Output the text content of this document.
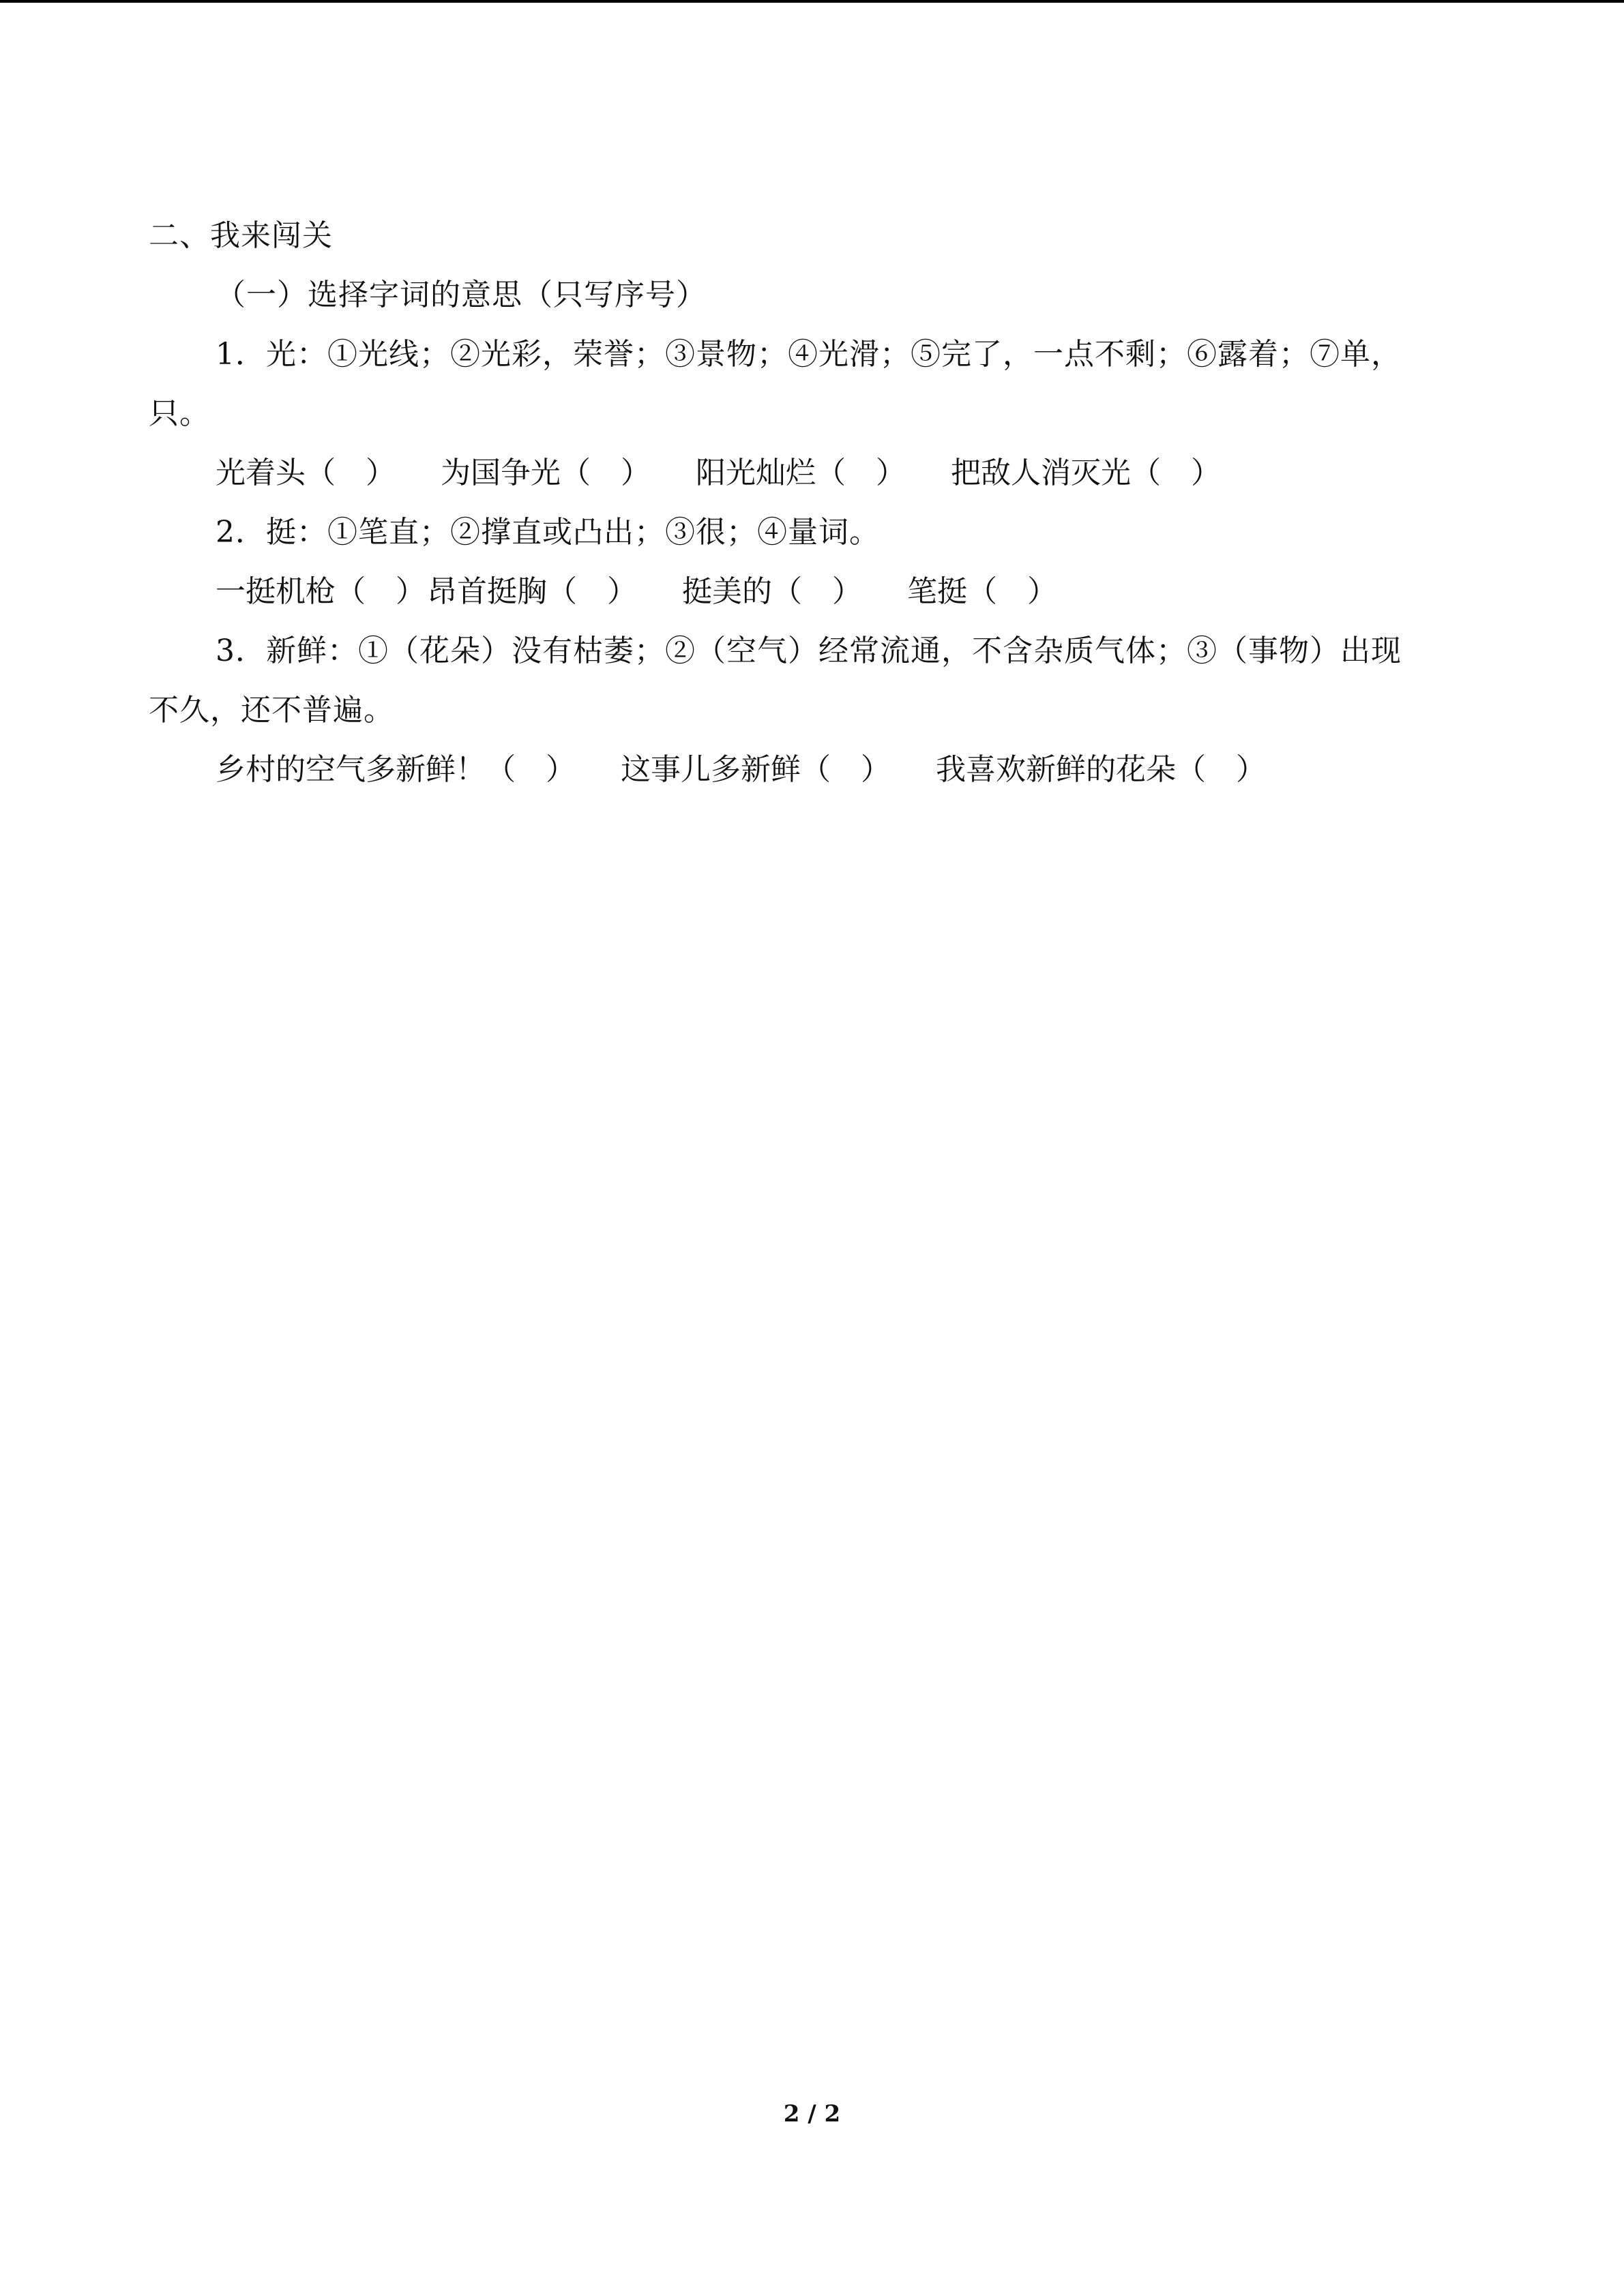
二、我来闯关
（一）选择字词的意思（只写序号）
1．光：①光线；②光彩，荣誉；③景物；④光滑；⑤完了，一点不剩；⑥露着；⑦单，
只。
光着头（　 ） 为国争光（　 ） 阳光灿烂（　 ） 把敌人消灭光（　 ）
2．挺：①笔直；②撑直或凸出；③很；④量词。
一挺机枪（　 ） 昂首挺胸（　 ） 挺美的（　 ） 笔挺（　 ）
3．新鲜：①（花朵）没有枯萎；②（空气）经常流通，不含杂质气体；③（事物）出现
不久，还不普遍。
乡村的空气多新鲜！（　 ） 这事儿多新鲜（　 ） 我喜欢新鲜的花朵（　 ）
2 / 2
